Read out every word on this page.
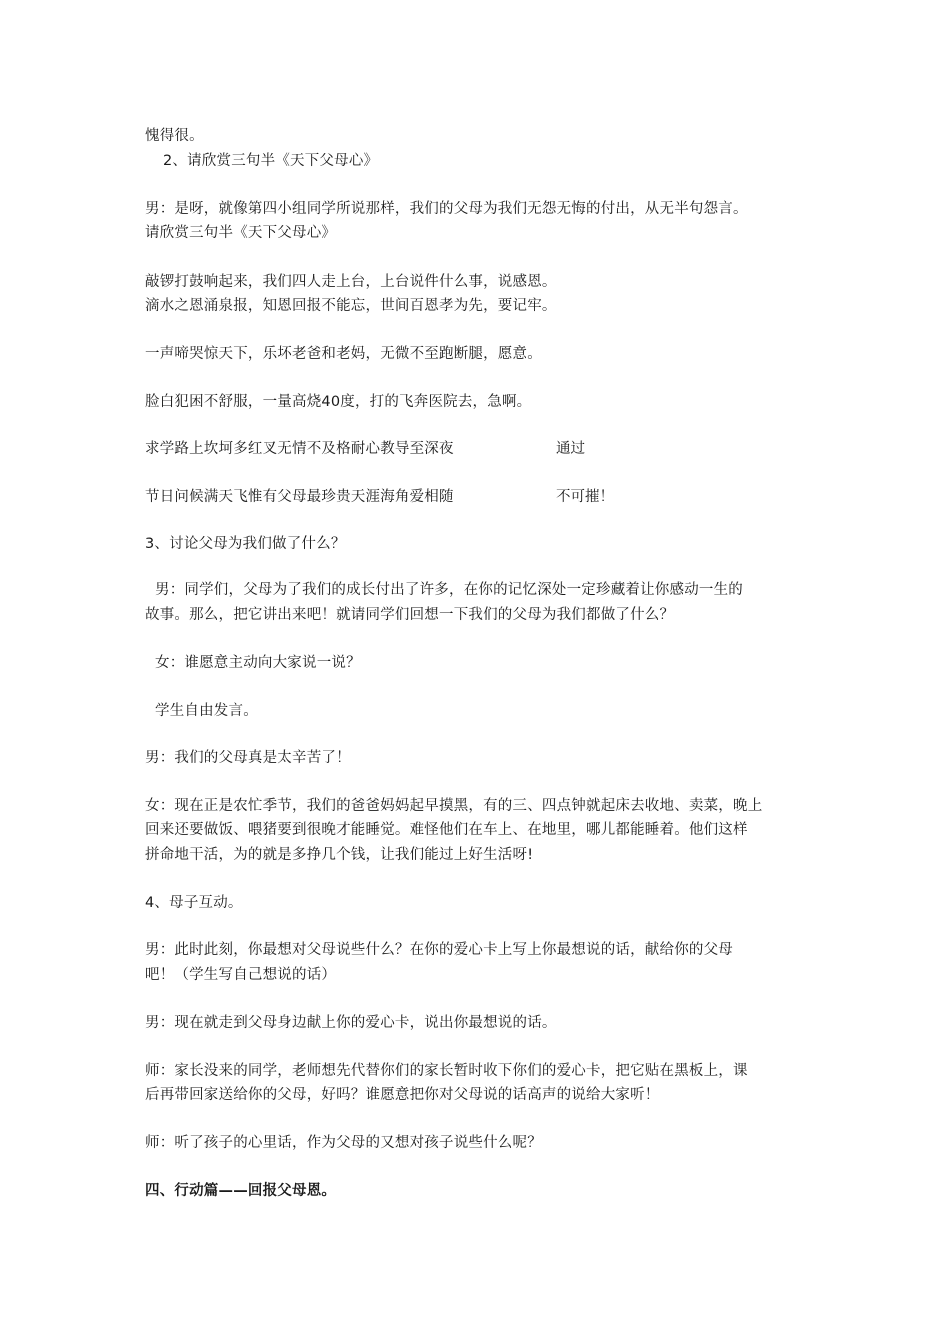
愧得很。
2、请欣赏三句半《天下父母心》
男：是呀，就像第四小组同学所说那样，我们的父母为我们无怨无悔的付出，从无半句怨言。
请欣赏三句半《天下父母心》
敲锣打鼓响起来，我们四人走上台，上台说件什么事，说感恩。
滴水之恩涌泉报，知恩回报不能忘，世间百恩孝为先，要记牢。
一声啼哭惊天下，乐坏老爸和老妈，无微不至跑断腿，愿意。
脸白犯困不舒服，一量高烧40度，打的飞奔医院去，急啊。
求学路上坎坷多红叉无情不及格耐心教导至深夜	通过
节日问候满天飞惟有父母最珍贵天涯海角爱相随	不可摧！
3、讨论父母为我们做了什么？
男：同学们，父母为了我们的成长付出了许多，在你的记忆深处一定珍藏着让你感动一生的
故事。那么，把它讲出来吧！就请同学们回想一下我们的父母为我们都做了什么？
女：谁愿意主动向大家说一说？
学生自由发言。
男：我们的父母真是太辛苦了！
女：现在正是农忙季节，我们的爸爸妈妈起早摸黑，有的三、四点钟就起床去收地、卖菜，晚上
回来还要做饭、喂猪要到很晚才能睡觉。难怪他们在车上、在地里，哪儿都能睡着。他们这样
拼命地干活，为的就是多挣几个钱，让我们能过上好生活呀!
4、母子互动。
男：此时此刻，你最想对父母说些什么？在你的爱心卡上写上你最想说的话，献给你的父母
吧！（学生写自己想说的话）
男：现在就走到父母身边献上你的爱心卡，说出你最想说的话。
师：家长没来的同学，老师想先代替你们的家长暂时收下你们的爱心卡，把它贴在黑板上，课
后再带回家送给你的父母，好吗？谁愿意把你对父母说的话高声的说给大家听！
师：听了孩子的心里话，作为父母的又想对孩子说些什么呢？
四、行动篇——回报父母恩。
